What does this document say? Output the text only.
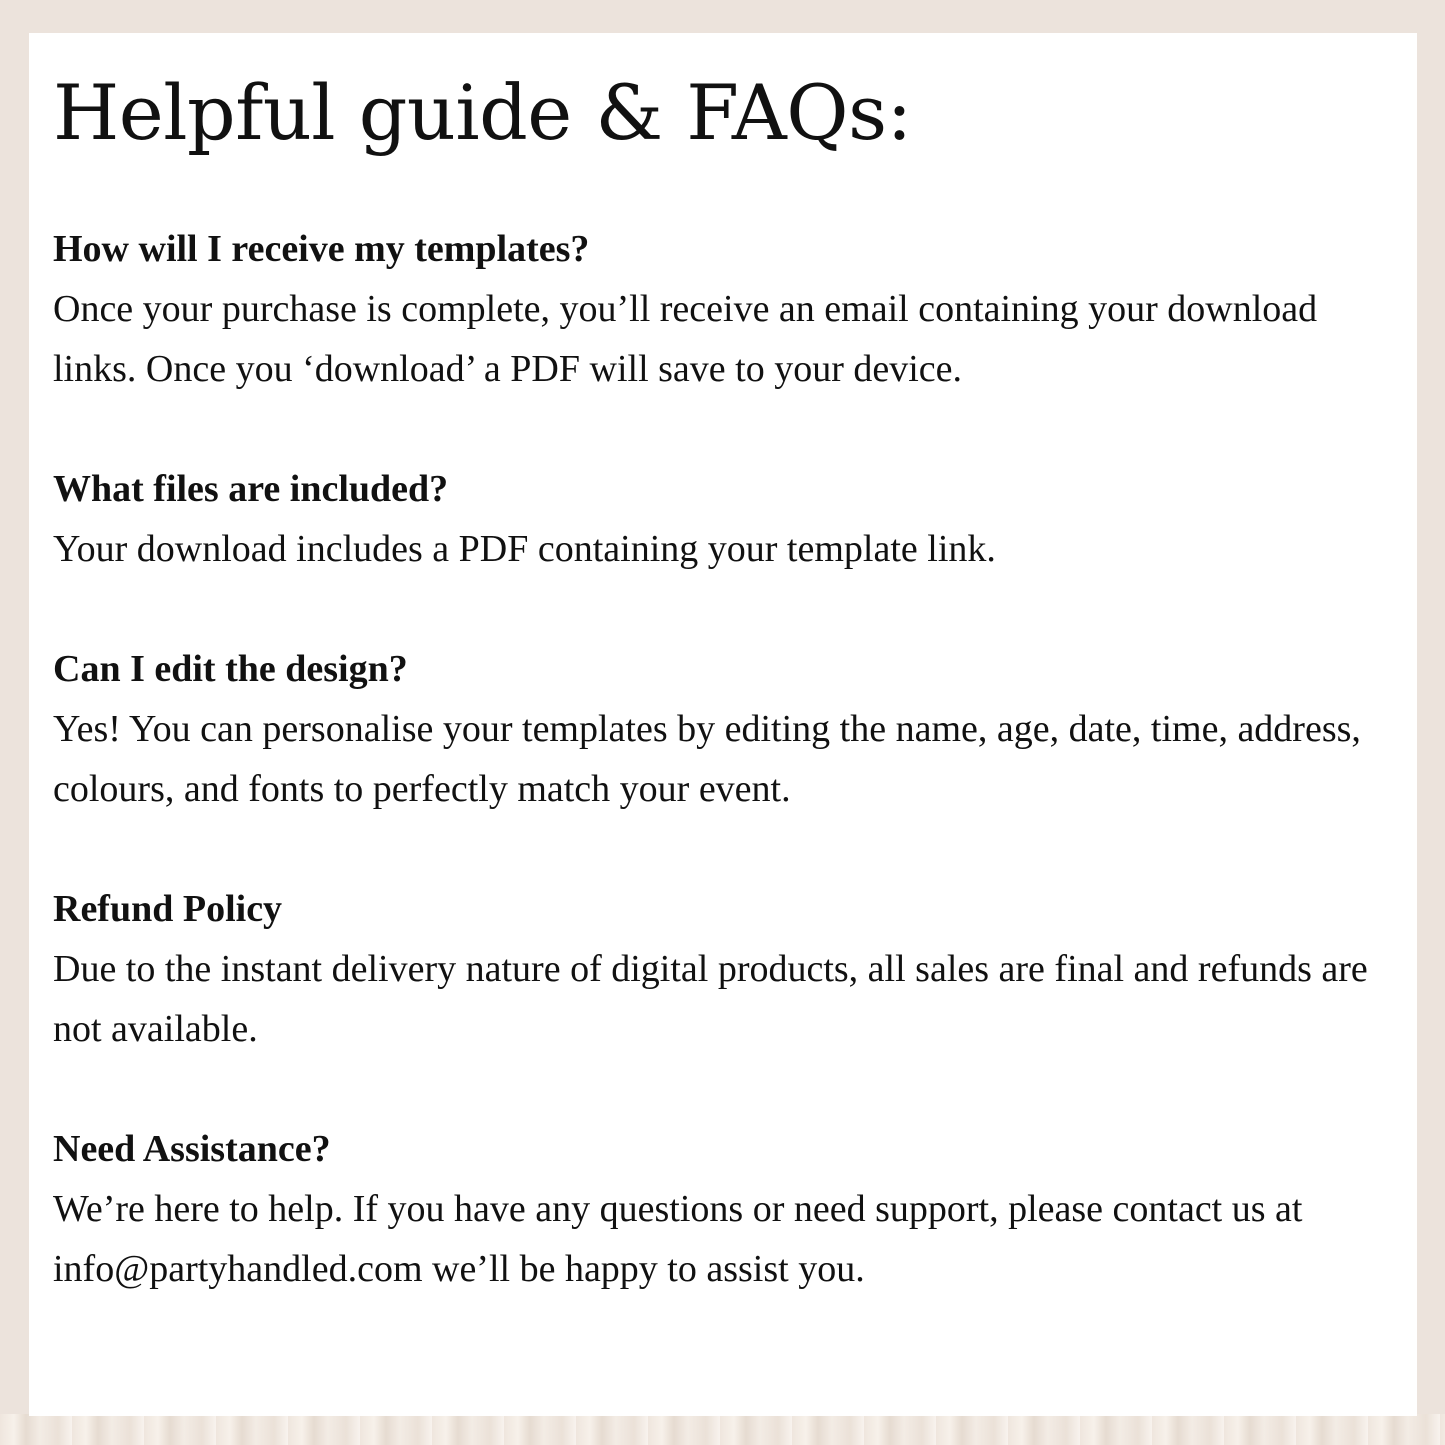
Helpful guide & FAQs:

How will I receive my templates?

Once your purchase is complete, you’ll receive an email containing your download links. Once you ‘download’ a PDF will save to your device.

What files are included?

Your download includes a PDF containing your template link.

Can I edit the design?

Yes! You can personalise your templates by editing the name, age, date, time, address, colours, and fonts to perfectly match your event.

Refund Policy

Due to the instant delivery nature of digital products, all sales are final and refunds are not available.

Need Assistance?

We’re here to help. If you have any questions or need support, please contact us at info@partyhandled.com we’ll be happy to assist you.
